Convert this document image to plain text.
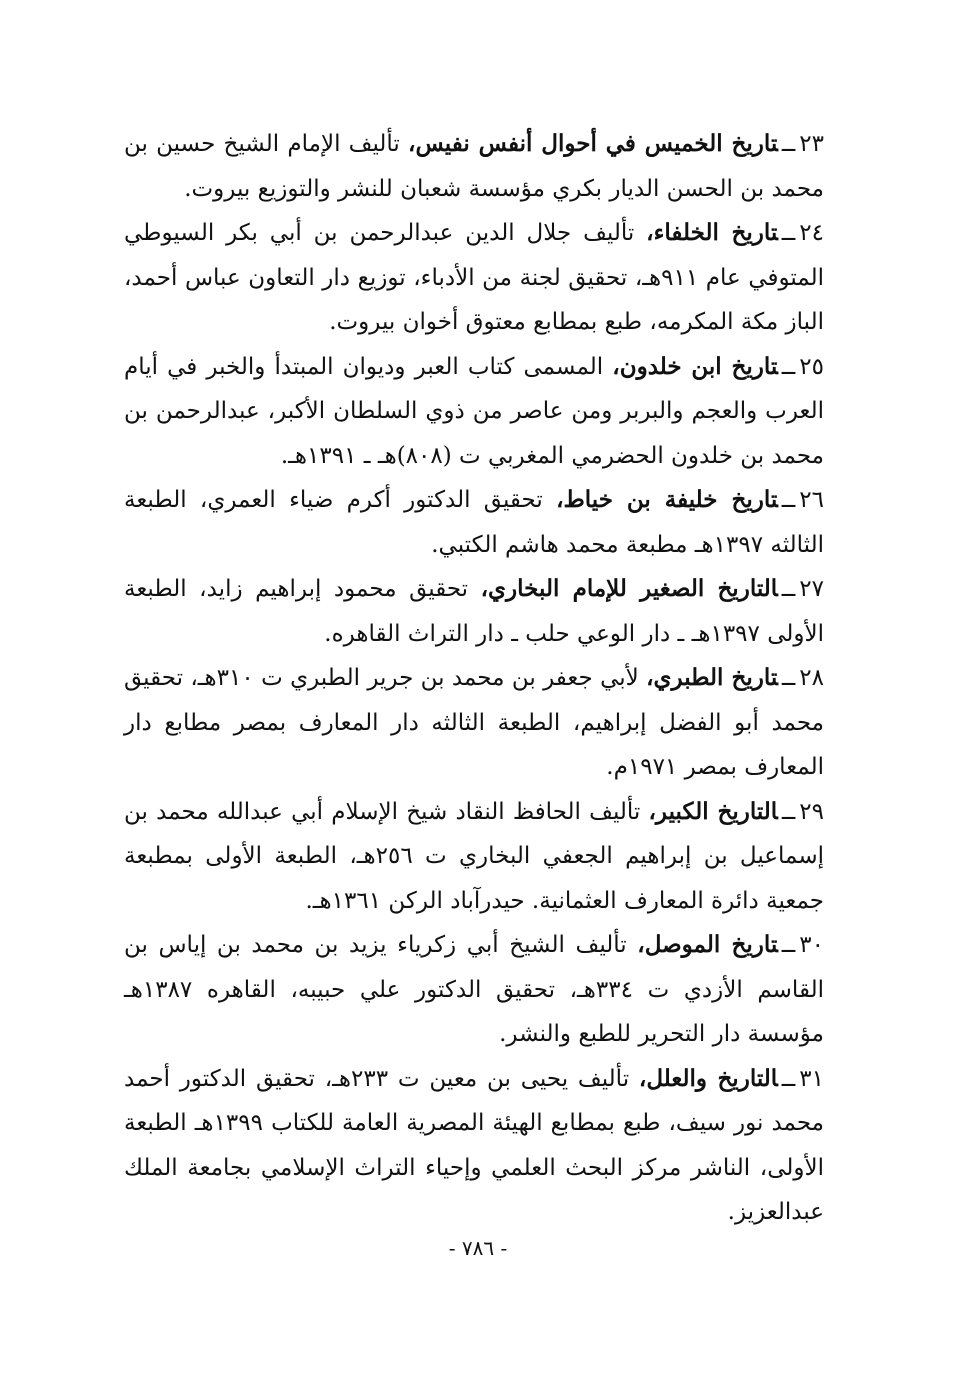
٢٣ــتاريخ الخميس في أحوال أنفس نفيس، تأليف الإمام الشيخ حسين بن محمد بن الحسن الديار بكري مؤسسة شعبان للنشر والتوزيع بيروت.

٢٤ــتاريخ الخلفاء، تأليف جلال الدين عبدالرحمن بن أبي بكر السيوطي المتوفي عام ٩١١هـ، تحقيق لجنة من الأدباء، توزيع دار التعاون عباس أحمد، الباز مكة المكرمه، طبع بمطابع معتوق أخوان بيروت.

٢٥ــتاريخ ابن خلدون، المسمى كتاب العبر وديوان المبتدأ والخبر في أيام العرب والعجم والبربر ومن عاصر من ذوي السلطان الأكبر، عبدالرحمن بن محمد بن خلدون الحضرمي المغربي ت (٨٠٨)هـ ـ ١٣٩١هـ.

٢٦ــتاريخ خليفة بن خياط، تحقيق الدكتور أكرم ضياء العمري، الطبعة الثالثه ١٣٩٧هـ مطبعة محمد هاشم الكتبي.

٢٧ــالتاريخ الصغير للإمام البخاري، تحقيق محمود إبراهيم زايد، الطبعة الأولى ١٣٩٧هـ ـ دار الوعي حلب ـ دار التراث القاهره.

٢٨ــتاريخ الطبري، لأبي جعفر بن محمد بن جرير الطبري ت ٣١٠هـ، تحقيق محمد أبو الفضل إبراهيم، الطبعة الثالثه دار المعارف بمصر مطابع دار المعارف بمصر ١٩٧١م.

٢٩ــالتاريخ الكبير، تأليف الحافظ النقاد شيخ الإسلام أبي عبدالله محمد بن إسماعيل بن إبراهيم الجعفي البخاري ت ٢٥٦هـ، الطبعة الأولى بمطبعة جمعية دائرة المعارف العثمانية. حيدرآباد الركن ١٣٦١هـ.

٣٠ــتاريخ الموصل، تأليف الشيخ أبي زكرياء يزيد بن محمد بن إياس بن القاسم الأزدي ت ٣٣٤هـ، تحقيق الدكتور علي حبيبه، القاهره ١٣٨٧هـ مؤسسة دار التحرير للطبع والنشر.

٣١ــالتاريخ والعلل، تأليف يحيى بن معين ت ٢٣٣هـ، تحقيق الدكتور أحمد محمد نور سيف، طبع بمطابع الهيئة المصرية العامة للكتاب ١٣٩٩هـ الطبعة الأولى، الناشر مركز البحث العلمي وإحياء التراث الإسلامي بجامعة الملك عبدالعزيز.

- ٧٨٦ -
